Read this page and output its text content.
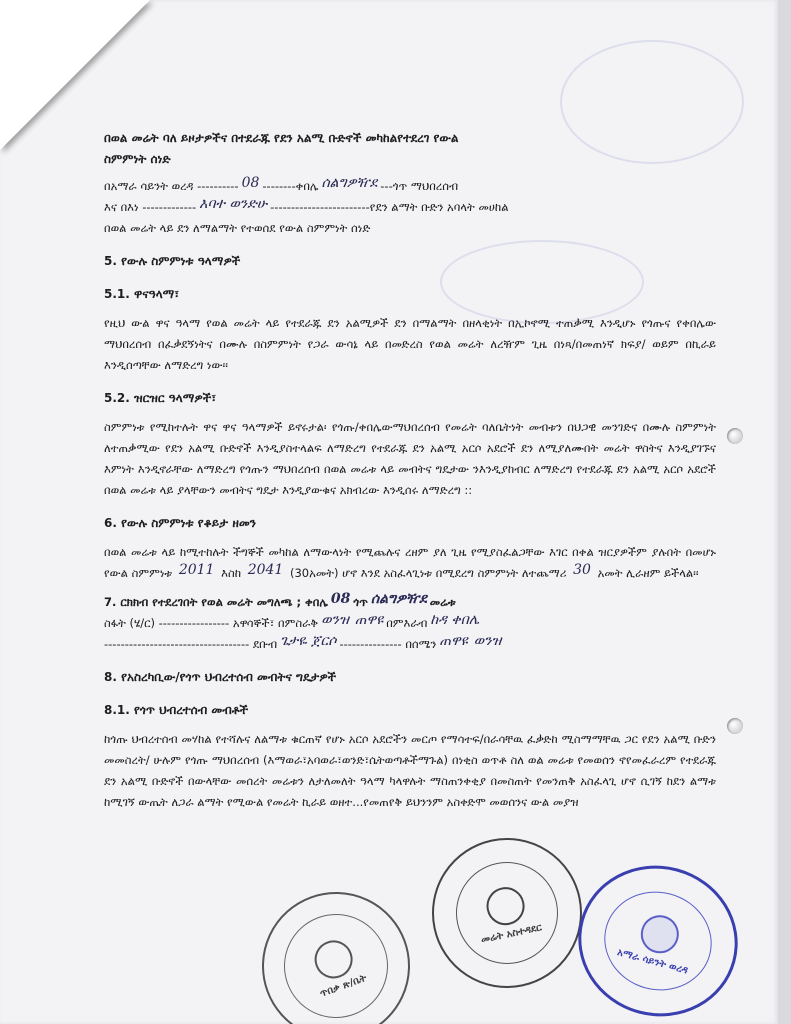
በወል መሬት ባለ ይዞታዎችና በተደራጁ የደን አልሚ ቡድኖች መካከልየተደረገ የውል
ስምምነት ሰነድ
በአማራ ሳይንት ወረዳ ---------- 08 --------ቀበሌ ሰልግዎዥደ ---ጎጥ ማህበረሰብ
እና በእነ ------------- እባተ ወንድሁ ------------------------የደን ልማት ቡድን አባላት መሀከል
በወል መሬት ላይ ደን ለማልማት የተወሰደ የውል ስምምነት ሰነድ
5. የውሉ ስምምነቱ ዓላማዎች
5.1. ዋናዓላማ፣

የዚህ ውል ዋና ዓላማ የወል መሬት ላይ የተደራጁ ደን አልሚዎች ደን በማልማት በዘላቂነት በኢኮኖሚ ተጠቃሚ እንዲሆኑ የጎጡና የቀበሌው ማህበረሰብ በፈቃደኝነትና በሙሉ በስምምነት የጋራ ውሳኔ ላይ በመድረስ የወል መሬት ለረዥም ጊዜ በነጻ/በመጠነኛ ክፍያ/ ወይም በኪራይ እንዲሰጣቸው ለማድረግ ነው፡፡

5.2. ዝርዝር ዓላማዎች፣

ስምምነቱ የሚከተሉት ዋና ዋና ዓላማዎች ይኖሩታል፡ የጎጡ/ቀበሌውማህበረሰብ የመሬት ባለቤትነት መብቱን በህጋዊ መንገድና በሙሉ ስምምነት ለተጠቃሚው የደን አልሚ ቡድኖች እንዲያስተላልፍ ለማድረግ የተደራጁ ደን አልሚ አርሶ አደሮች ደን ለሚያለሙበት መሬት ዋስትና እንዲያገኙና እምነት እንዲኖራቸው ለማድረግ የጎጡን ማህበረሰብ በወል መሬቱ ላይ መብትና ግዴታው ንእንዲያከብር ለማድረግ የተደራጁ ደን አልሚ አርሶ አደሮች በወል መሬቱ ላይ ያላቸውን መብትና ግዴታ እንዲያውቁና አክብረው እንዲሰሩ ለማድረግ ::

6. የውሉ ስምምነቱ የቆይታ ዘመን

በወል መሬቱ ላይ ከሚተከሉት ችግኞች መካከል ለማውላነት የሚጨሉና ረዘም ያለ ጊዜ የሚያስፈልጋቸው እገር በቀል ዝርያዎችም ያሉበት በመሆኑ የውል ስምምነቱ 2011 እስከ 2041 (30አመት) ሆኖ እንደ አስፈላጊነቱ በሚደረግ ስምምነት ለተጨማሪ 30 አመት ሊራዘም ይችላል፡፡

7. ርክክብ የተደረገበት የወል መሬት መግለጫ ; ቀበሌ 08 ጎጥ ሰልግዎዥደ መሬቱ
ስፋት (ሄ/ር) ----------------- አዋሳኞች፣ በምስራቅ ወንዝ ጠዋዩ በምእራብ ከዳ ቀበሌ
----------------------------------- ደቡብ ጌታዬ ጀርሶ --------------- በሰሜን ጠዋዩ ወንዝ
8. የአስረካቢው/የጎጥ ህብረተሰብ መብትና ግዴታዎች
8.1. የጎጥ ህብረተሰብ መብቶች

ከጎጡ ህብረተሰብ መሃከል የተሻሉና ለልማቱ ቁርጠኛ የሆኑ አርሶ አደሮችን መርጦ የማሳተፍ/በራሳቸዉ ፈቃድከ ሚስማማቸዉ ጋር የደን አልሚ ቡድን መመስረት/ ሁሉም የጎጡ ማህበረሰብ (እማወራ፣አባወራ፣ወንድ፣ሴትወጣቶችማጉል) በነቂስ ወጥቶ ስለ ወል መሬቱ የመወሰን ኖየመፈራረም የተደራጁ ደን አልሚ ቡድኖች በውላቸው መሰረት መሬቱን ለታለመለት ዓላማ ካላዋሉት ማስጠንቀቂያ በመስጠት የመንጠቅ አስፈላጊ ሆኖ ሲገኝ ከደን ልማቱ ከሚገኝ ውጤት ለጋራ ልማት የሚውል የመሬት ኪራይ ወዘተ...የመጠየቅ ይህንንም አስቀድሞ መወሰንና ውል መያዝ

ጥበቃ ጽ/ቤት
መሬት አስተዳደር
አማራ ሳይንት ወረዳ
